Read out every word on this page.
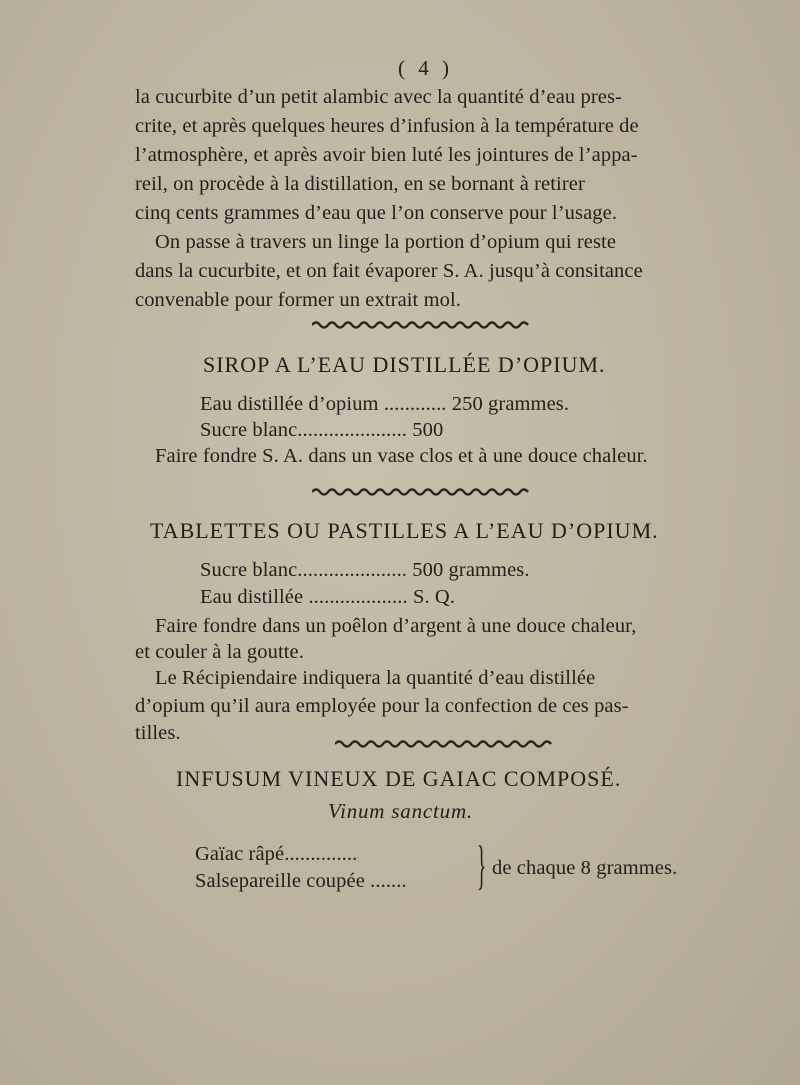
( 4 )
la cucurbite d’un petit alambic avec la quantité d’eau pres-
crite, et après quelques heures d’infusion à la température de
l’atmosphère, et après avoir bien luté les jointures de l’appa-
reil, on procède à la distillation, en se bornant à retirer
cinq cents grammes d’eau que l’on conserve pour l’usage.
On passe à travers un linge la portion d’opium qui reste
dans la cucurbite, et on fait évaporer S. A. jusqu’à consitance
convenable pour former un extrait mol.
SIROP A L’EAU DISTILLÉE D’OPIUM.
Eau distillée d’opium ............ 250 grammes.
Sucre blanc..................... 500
Faire fondre S. A. dans un vase clos et à une douce chaleur.
TABLETTES OU PASTILLES A L’EAU D’OPIUM.
Sucre blanc..................... 500 grammes.
Eau distillée ................... S. Q.
Faire fondre dans un poêlon d’argent à une douce chaleur,
et couler à la goutte.
Le Récipiendaire indiquera la quantité d’eau distillée
d’opium qu’il aura employée pour la confection de ces pas-
tilles.
INFUSUM VINEUX DE GAIAC COMPOSÉ.
Vinum sanctum.
Gaïac râpé..............
Salsepareille coupée ....... } de chaque 8 grammes.
